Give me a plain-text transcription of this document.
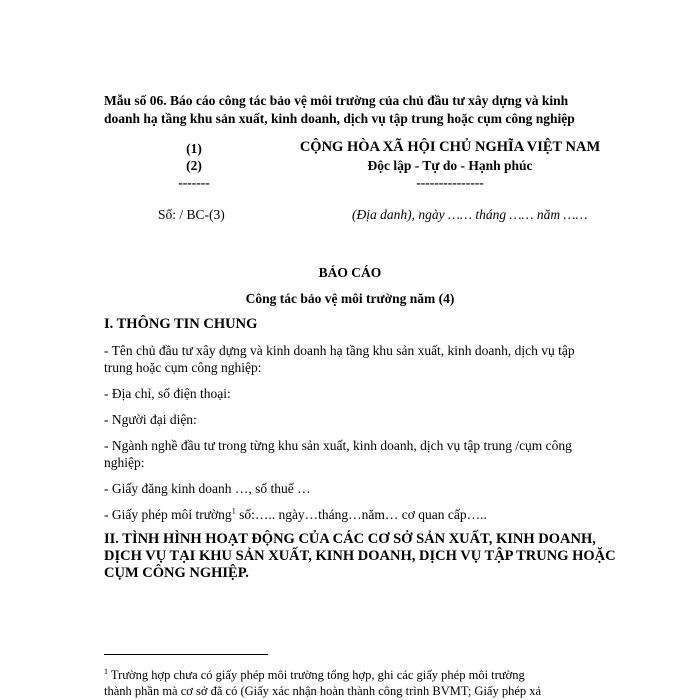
Mẫu số 06. Báo cáo công tác bảo vệ môi trường của chủ đầu tư xây dựng và kinh
doanh hạ tầng khu sản xuất, kinh doanh, dịch vụ tập trung hoặc cụm công nghiệp
(1)
(2)
-------
CỘNG HÒA XÃ HỘI CHỦ NGHĨA VIỆT NAM
Độc lập - Tự do - Hạnh phúc
---------------
Số: / BC-(3)	(Địa danh), ngày …… tháng …… năm ……
BÁO CÁO
Công tác bảo vệ môi trường năm (4)
I. THÔNG TIN CHUNG
- Tên chủ đầu tư xây dựng và kinh doanh hạ tầng khu sản xuất, kinh doanh, dịch vụ tập
trung hoặc cụm công nghiệp:
- Địa chỉ, số điện thoại:
- Người đại diện:
- Ngành nghề đầu tư trong từng khu sản xuất, kinh doanh, dịch vụ tập trung /cụm công
nghiệp:
- Giấy đăng kinh doanh …, số thuế …
- Giấy phép môi trường$^1$ số:….. ngày…tháng…năm… cơ quan cấp…..
II. TÌNH HÌNH HOẠT ĐỘNG CỦA CÁC CƠ SỞ SẢN XUẤT, KINH DOANH,
DỊCH VỤ TẠI KHU SẢN XUẤT, KINH DOANH, DỊCH VỤ TẬP TRUNG HOẶC
CỤM CÔNG NGHIỆP.
$^1$ Trường hợp chưa có giấy phép môi trường tổng hợp, ghi các giấy phép môi trường
thành phần mà cơ sở đã có (Giấy xác nhận hoàn thành công trình BVMT; Giấy phép xả
